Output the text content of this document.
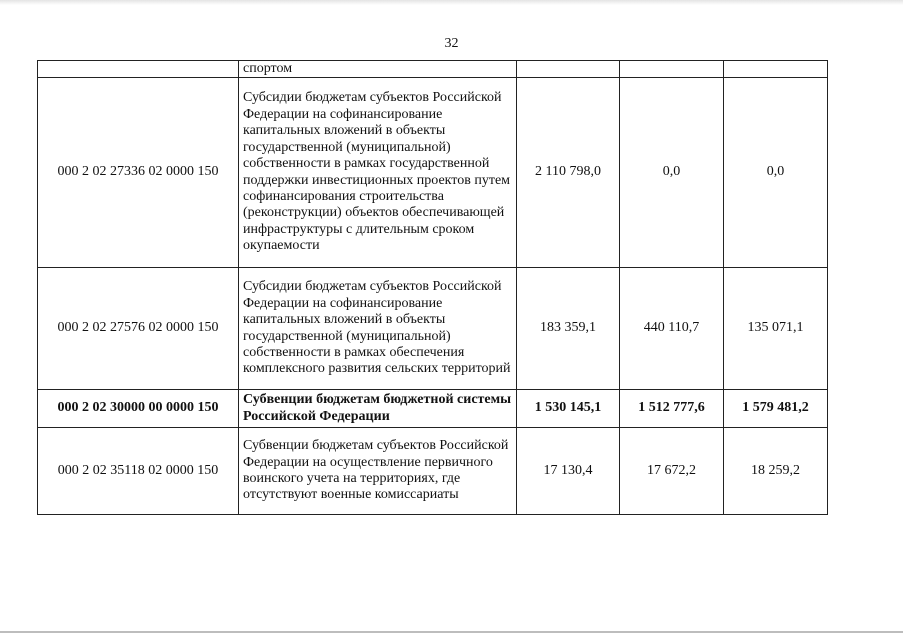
32
	спортом			
000 2 02 27336 02 0000 150	Субсидии бюджетам субъектов Российской Федерации на софинансирование капитальных вложений в объекты государственной (муниципальной) собственности в рамках государственной поддержки инвестиционных проектов путем софинансирования строительства (реконструкции) объектов обеспечивающей инфраструктуры с длительным сроком окупаемости	2 110 798,0	0,0	0,0
000 2 02 27576 02 0000 150	Субсидии бюджетам субъектов Российской Федерации на софинансирование капитальных вложений в объекты государственной (муниципальной) собственности в рамках обеспечения комплексного развития сельских территорий	183 359,1	440 110,7	135 071,1
000 2 02 30000 00 0000 150	Субвенции бюджетам бюджетной системы Российской Федерации	1 530 145,1	1 512 777,6	1 579 481,2
000 2 02 35118 02 0000 150	Субвенции бюджетам субъектов Российской Федерации на осуществление первичного воинского учета на территориях, где отсутствуют военные комиссариаты	17 130,4	17 672,2	18 259,2
